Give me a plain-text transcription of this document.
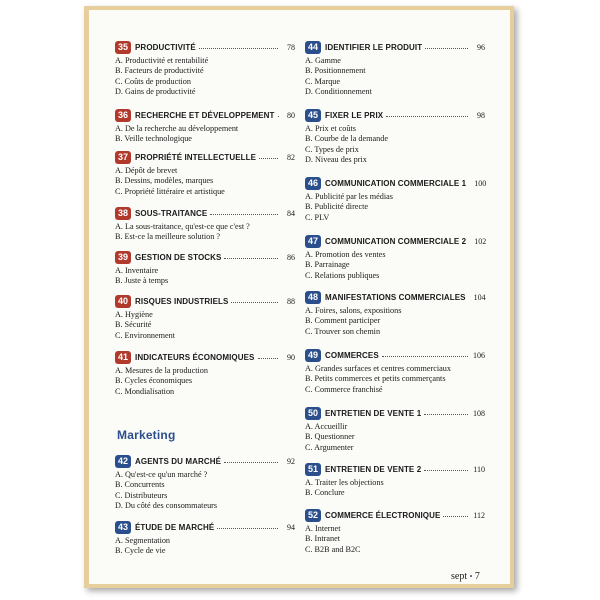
35 PRODUCTIVITÉ	78
A. Productivité et rentabilité
B. Facteurs de productivité
C. Coûts de production
D. Gains de productivité
36 RECHERCHE ET DÉVELOPPEMENT	80
A. De la recherche au développement
B. Veille technologique
37 PROPRIÉTÉ INTELLECTUELLE	82
A. Dépôt de brevet
B. Dessins, modèles, marques
C. Propriété littéraire et artistique
38 SOUS-TRAITANCE	84
A. La sous-traitance, qu'est-ce que c'est ?
B. Est-ce la meilleure solution ?
39 GESTION DE STOCKS	86
A. Inventaire
B. Juste à temps
40 RISQUES INDUSTRIELS	88
A. Hygiène
B. Sécurité
C. Environnement
41 INDICATEURS ÉCONOMIQUES	90
A. Mesures de la production
B. Cycles économiques
C. Mondialisation
42 AGENTS DU MARCHÉ	92
A. Qu'est-ce qu'un marché ?
B. Concurrents
C. Distributeurs
D. Du côté des consommateurs
43 ÉTUDE DE MARCHÉ	94
A. Segmentation
B. Cycle de vie
Marketing
44 IDENTIFIER LE PRODUIT	96
A. Gamme
B. Positionnement
C. Marque
D. Conditionnement
45 FIXER LE PRIX	98
A. Prix et coûts
B. Courbe de la demande
C. Types de prix
D. Niveau des prix
46 COMMUNICATION COMMERCIALE 1 100
A. Publicité par les médias
B. Publicité directe
C. PLV
47 COMMUNICATION COMMERCIALE 2 102
A. Promotion des ventes
B. Parrainage
C. Relations publiques
48 MANIFESTATIONS COMMERCIALES 104
A. Foires, salons, expositions
B. Comment participer
C. Trouver son chemin
49 COMMERCES	106
A. Grandes surfaces et centres commerciaux
B. Petits commerces et petits commerçants
C. Commerce franchisé
50 ENTRETIEN DE VENTE 1	108
A. Accueillir
B. Questionner
C. Argumenter
51 ENTRETIEN DE VENTE 2	110
A. Traiter les objections
B. Conclure
52 COMMERCE ÉLECTRONIQUE	112
A. Internet
B. Intranet
C. B2B and B2C
sept • 7
